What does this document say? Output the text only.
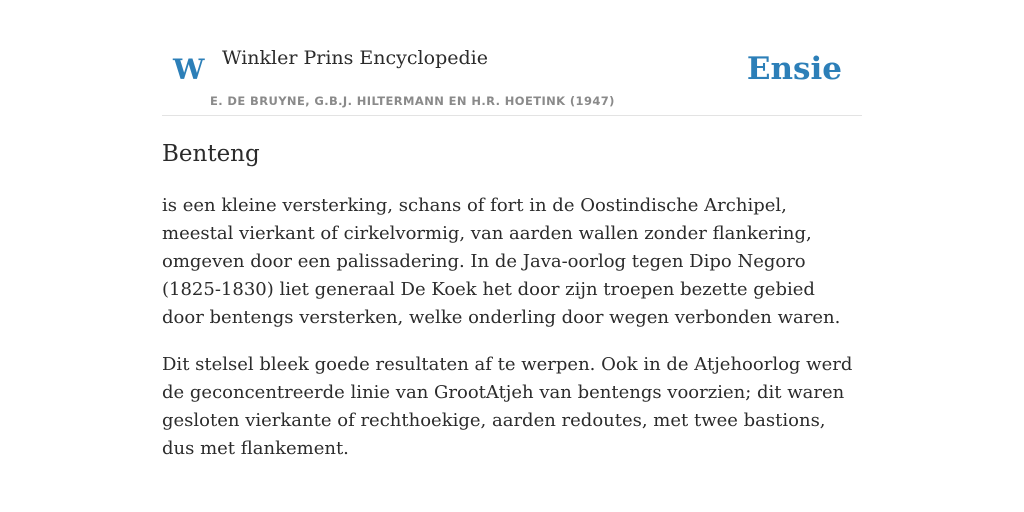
W Winkler Prins Encyclopedie
E. DE BRUYNE, G.B.J. HILTERMANN EN H.R. HOETINK (1947)
Ensie
Benteng

is een kleine versterking, schans of fort in de Oostindische Archipel, meestal vierkant of cirkelvormig, van aarden wallen zonder flankering, omgeven door een palissadering. In de Java-oorlog tegen Dipo Negoro (1825-1830) liet generaal De Koek het door zijn troepen bezette gebied door bentengs versterken, welke onderling door wegen verbonden waren.

Dit stelsel bleek goede resultaten af te werpen. Ook in de Atjehoorlog werd de geconcentreerde linie van GrootAtjeh van bentengs voorzien; dit waren gesloten vierkante of rechthoekige, aarden redoutes, met twee bastions, dus met flankement.
